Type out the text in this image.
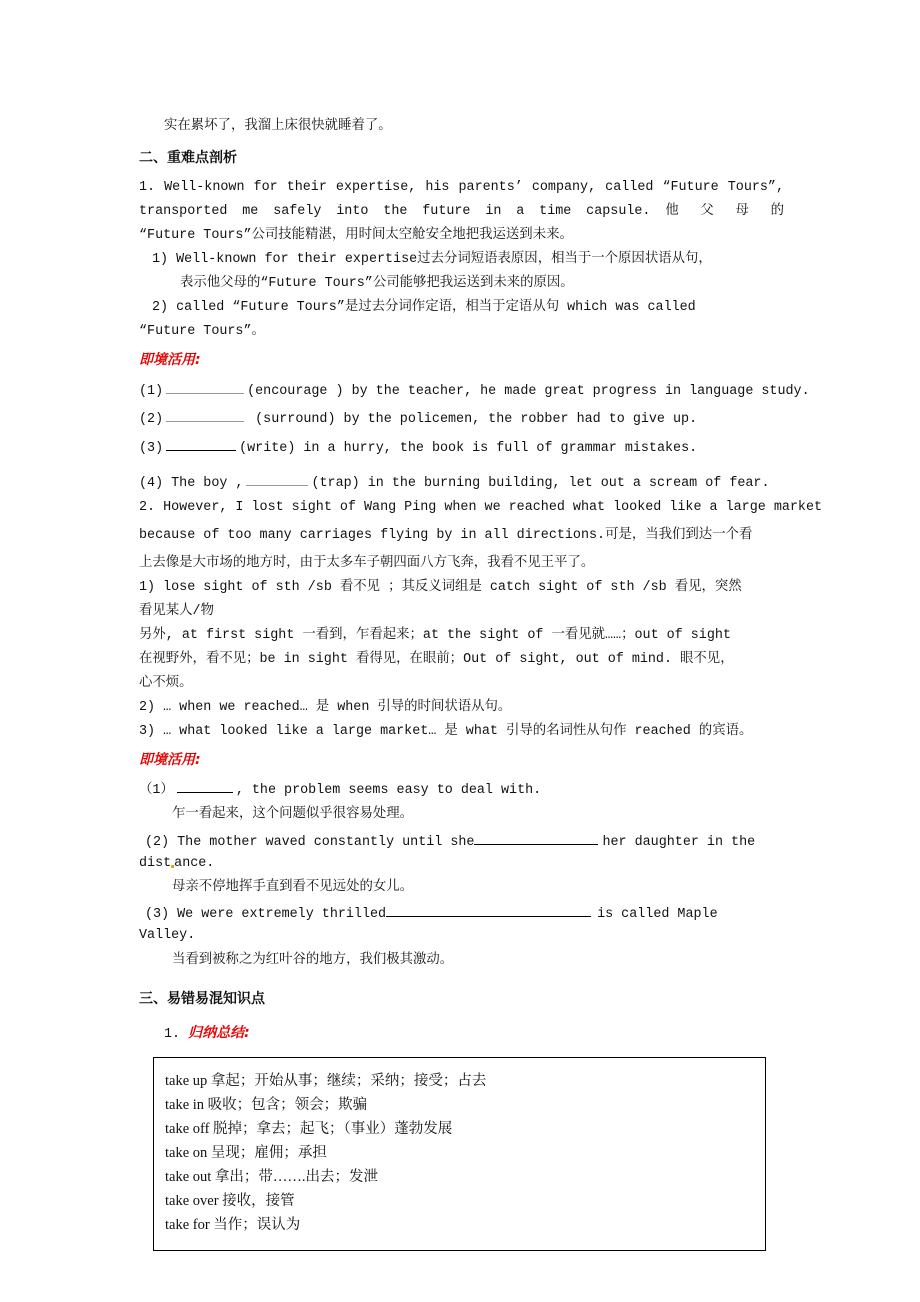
实在累坏了，我溜上床很快就睡着了。
二、重难点剖析
1. Well-known for their expertise, his parents’ company, called “Future Tours”,
transported me safely into the future in a time capsule. 他 父 母 的
“Future Tours”公司技能精湛，用时间太空舱安全地把我运送到未来。
1) Well-known for their expertise过去分词短语表原因，相当于一个原因状语从句，
表示他父母的“Future Tours”公司能够把我运送到未来的原因。
2) called “Future Tours”是过去分词作定语，相当于定语从句 which was called
“Future Tours”。
即境活用:
(1)	(encourage ) by the teacher, he made great progress in language study.
(2)	(surround) by the policemen, the robber had to give up.
(3)	(write) in a hurry, the book is full of grammar mistakes.
(4) The boy ,	(trap) in the burning building, let out a scream of fear.
2. However, I lost sight of Wang Ping when we reached what looked like a large market
because of too many carriages flying by in all directions.可是，当我们到达一个看
上去像是大市场的地方时，由于太多车子朝四面八方飞奔，我看不见王平了。
1) lose sight of sth /sb 看不见 ；其反义词组是 catch sight of sth /sb 看见，突然
看见某人/物
另外, at first sight 一看到，乍看起来；at the sight of 一看见就……；out of sight
在视野外，看不见；be in sight 看得见，在眼前；Out of sight, out of mind. 眼不见，
心不烦。
2) … when we reached… 是 when 引导的时间状语从句。
3) … what looked like a large market… 是 what 引导的名词性从句作 reached 的宾语。
即境活用:
（1）	, the problem seems easy to deal with.
乍一看起来，这个问题似乎很容易处理。
(2) The mother waved constantly until she	her daughter in the
dist ance.
母亲不停地挥手直到看不见远处的女儿。
(3) We were extremely thrilled	is called Maple
Valley.
当看到被称之为红叶谷的地方，我们极其激动。
三、易错易混知识点
1. 归纳总结:
take up 拿起；开始从事；继续；采纳；接受；占去
take in 吸收；包含；领会；欺骗
take off 脱掉；拿去；起飞；（事业）蓬勃发展
take on 呈现；雇佣；承担
take out 拿出；带…….出去；发泄
take over 接收，接管
take for 当作；误认为
